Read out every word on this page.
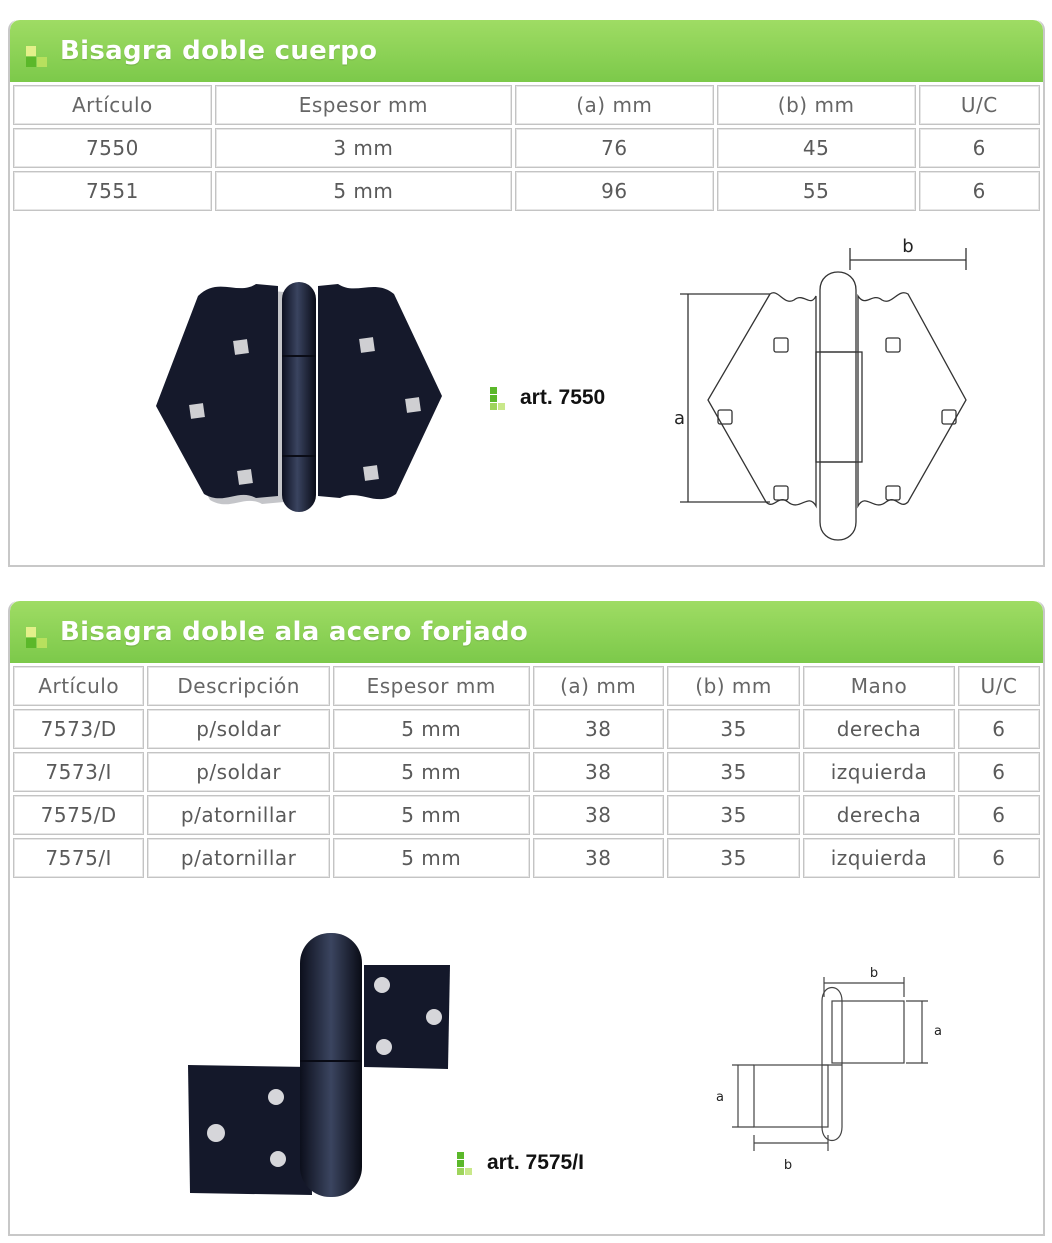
Bisagra doble cuerpo
Artículo	Espesor mm	(a) mm	(b) mm	U/C
7550	3 mm	76	45	6
7551	5 mm	96	55	6
art. 7550
b
a
Bisagra doble ala acero forjado
Artículo	Descripción	Espesor mm	(a) mm	(b) mm	Mano	U/C
7573/D	p/soldar	5 mm	38	35	derecha	6
7573/I	p/soldar	5 mm	38	35	izquierda	6
7575/D	p/atornillar	5 mm	38	35	derecha	6
7575/I	p/atornillar	5 mm	38	35	izquierda	6
art. 7575/I
b
a
a
b
